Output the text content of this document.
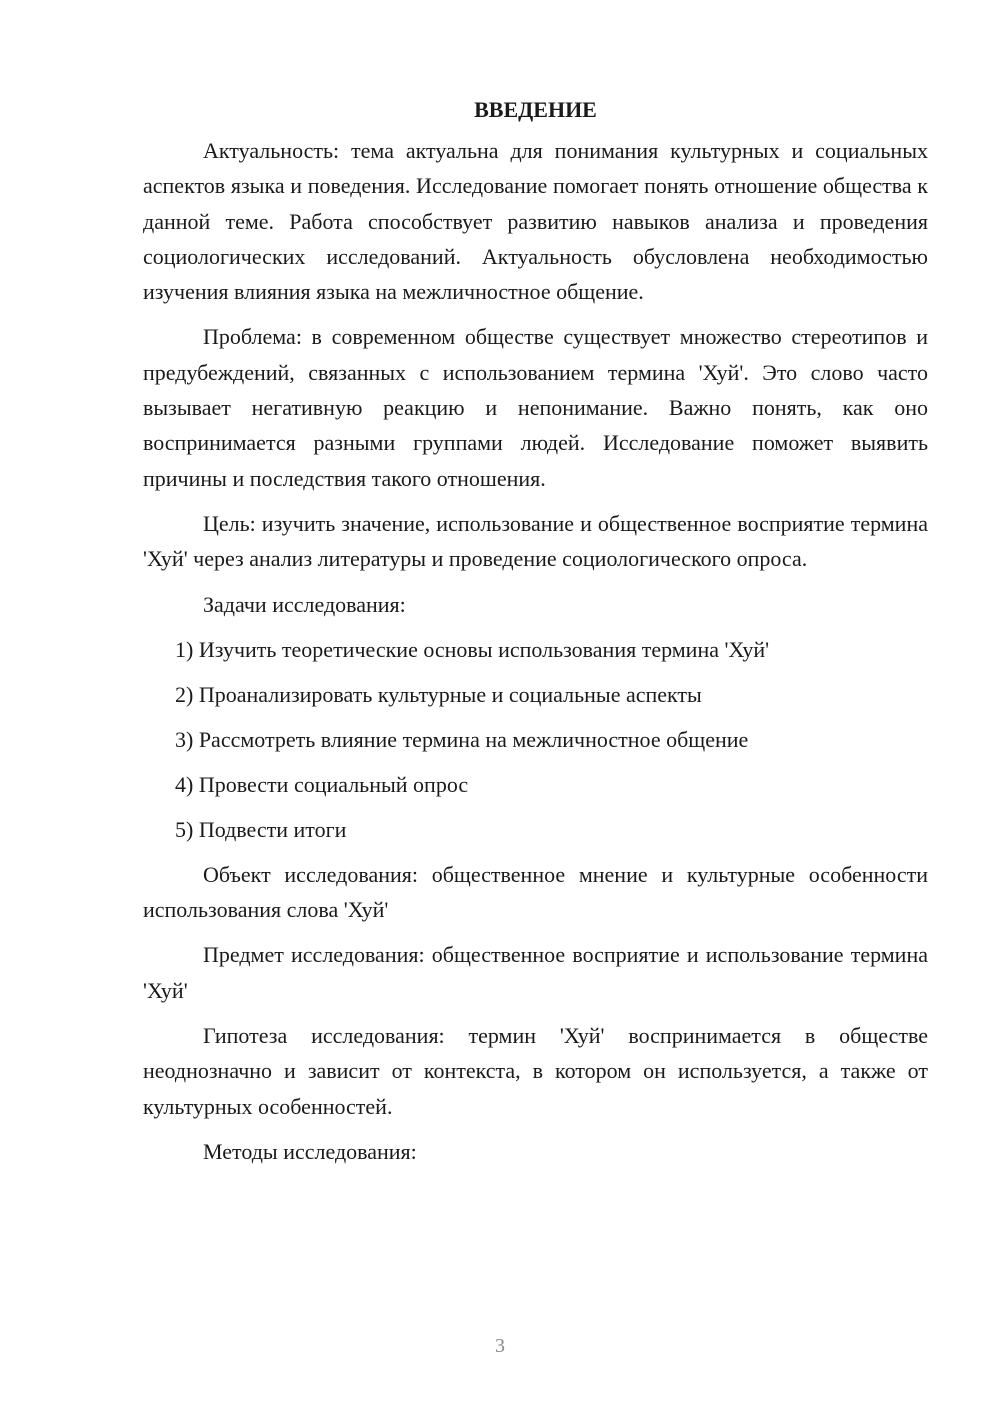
ВВЕДЕНИЕ

Актуальность: тема актуальна для понимания культурных и социальных аспектов языка и поведения. Исследование помогает понять отношение общества к данной теме. Работа способствует развитию навыков анализа и проведения социологических исследований. Актуальность обусловлена необходимостью изучения влияния языка на межличностное общение.

Проблема: в современном обществе существует множество стереотипов и предубеждений, связанных с использованием термина 'Хуй'. Это слово часто вызывает негативную реакцию и непонимание. Важно понять, как оно воспринимается разными группами людей. Исследование поможет выявить причины и последствия такого отношения.

Цель: изучить значение, использование и общественное восприятие термина 'Хуй' через анализ литературы и проведение социологического опроса.

Задачи исследования:
1) Изучить теоретические основы использования термина 'Хуй'
2) Проанализировать культурные и социальные аспекты
3) Рассмотреть влияние термина на межличностное общение
4) Провести социальный опрос
5) Подвести итоги

Объект исследования: общественное мнение и культурные особенности использования слова 'Хуй'

Предмет исследования: общественное восприятие и использование термина 'Хуй'

Гипотеза исследования: термин 'Хуй' воспринимается в обществе неоднозначно и зависит от контекста, в котором он используется, а также от культурных особенностей.

Методы исследования:
3
